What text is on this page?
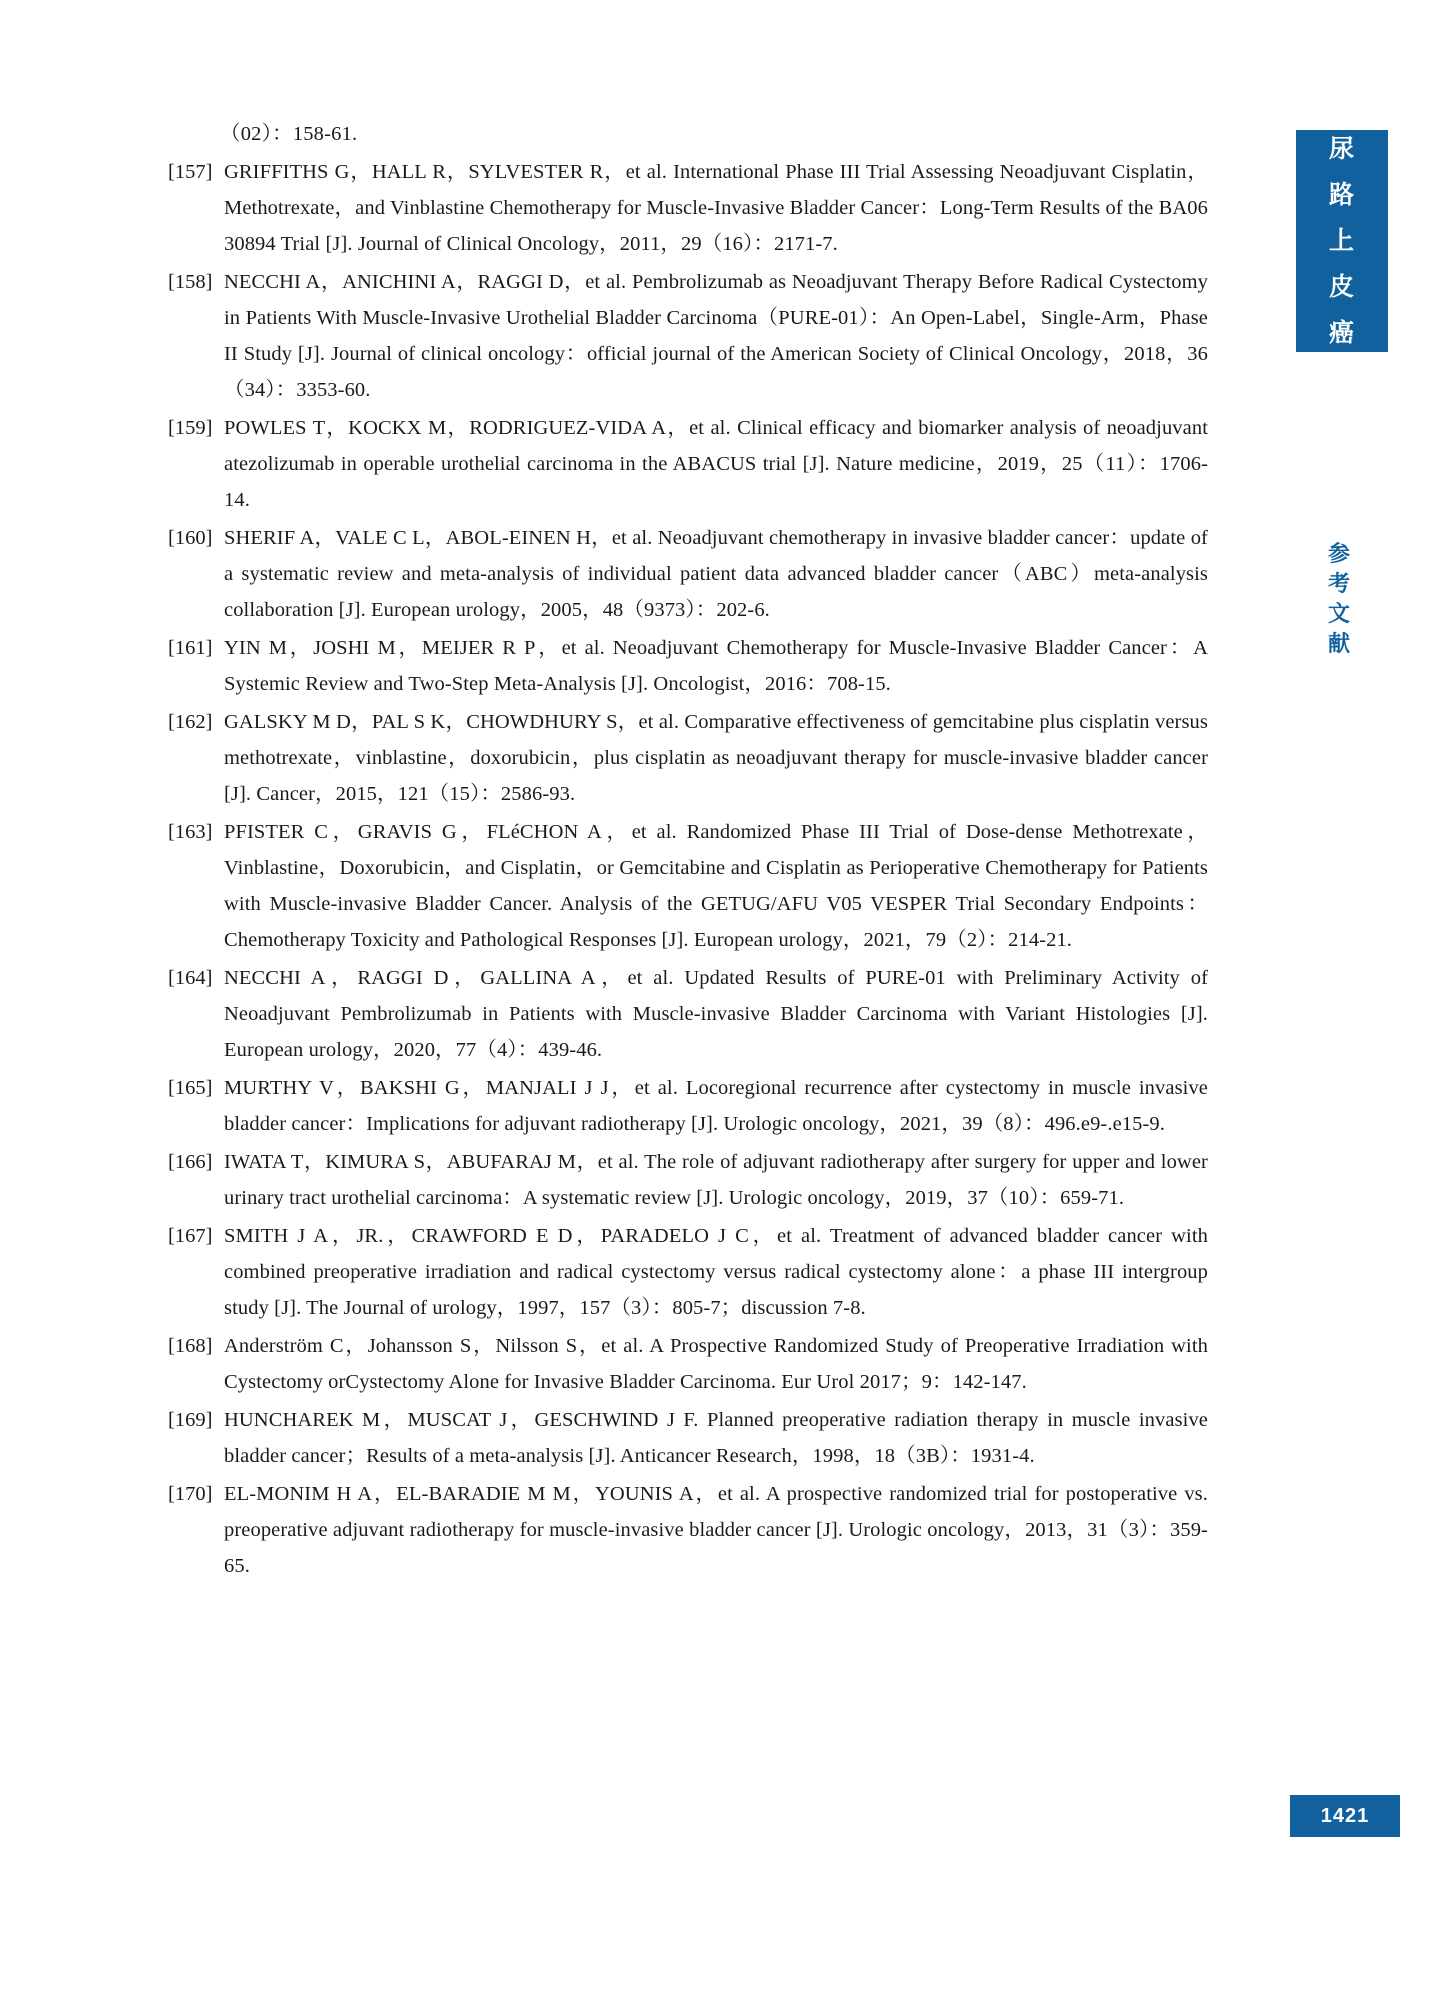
（02）：158-61.

[157] GRIFFITHS G，HALL R，SYLVESTER R，et al. International Phase III Trial Assessing Neoadjuvant Cisplatin，Methotrexate，and Vinblastine Chemotherapy for Muscle-Invasive Bladder Cancer：Long-Term Results of the BA06 30894 Trial [J]. Journal of Clinical Oncology，2011，29（16）：2171-7.
[158] NECCHI A，ANICHINI A，RAGGI D，et al. Pembrolizumab as Neoadjuvant Therapy Before Radical Cystectomy in Patients With Muscle-Invasive Urothelial Bladder Carcinoma（PURE-01）：An Open-Label，Single-Arm，Phase II Study [J]. Journal of clinical oncology：official journal of the American Society of Clinical Oncology，2018，36（34）：3353-60.
[159] POWLES T，KOCKX M，RODRIGUEZ-VIDA A，et al. Clinical efficacy and biomarker analysis of neoadjuvant atezolizumab in operable urothelial carcinoma in the ABACUS trial [J]. Nature medicine，2019，25（11）：1706-14.
[160] SHERIF A，VALE C L，ABOL-EINEN H，et al. Neoadjuvant chemotherapy in invasive bladder cancer：update of a systematic review and meta-analysis of individual patient data advanced bladder cancer（ABC）meta-analysis collaboration [J]. European urology，2005，48（9373）：202-6.
[161] YIN M，JOSHI M，MEIJER R P，et al. Neoadjuvant Chemotherapy for Muscle-Invasive Bladder Cancer：A Systemic Review and Two-Step Meta-Analysis [J]. Oncologist，2016：708-15.
[162] GALSKY M D，PAL S K，CHOWDHURY S，et al. Comparative effectiveness of gemcitabine plus cisplatin versus methotrexate，vinblastine，doxorubicin，plus cisplatin as neoadjuvant therapy for muscle-invasive bladder cancer [J]. Cancer，2015，121（15）：2586-93.
[163] PFISTER C，GRAVIS G，FLéCHON A，et al. Randomized Phase III Trial of Dose-dense Methotrexate，Vinblastine，Doxorubicin，and Cisplatin，or Gemcitabine and Cisplatin as Perioperative Chemotherapy for Patients with Muscle-invasive Bladder Cancer. Analysis of the GETUG/AFU V05 VESPER Trial Secondary Endpoints：Chemotherapy Toxicity and Pathological Responses [J]. European urology，2021，79（2）：214-21.
[164] NECCHI A，RAGGI D，GALLINA A，et al. Updated Results of PURE-01 with Preliminary Activity of Neoadjuvant Pembrolizumab in Patients with Muscle-invasive Bladder Carcinoma with Variant Histologies [J]. European urology，2020，77（4）：439-46.
[165] MURTHY V，BAKSHI G，MANJALI J J，et al. Locoregional recurrence after cystectomy in muscle invasive bladder cancer：Implications for adjuvant radiotherapy [J]. Urologic oncology，2021，39（8）：496.e9-.e15-9.
[166] IWATA T，KIMURA S，ABUFARAJ M，et al. The role of adjuvant radiotherapy after surgery for upper and lower urinary tract urothelial carcinoma：A systematic review [J]. Urologic oncology，2019，37（10）：659-71.
[167] SMITH J A，JR.，CRAWFORD E D，PARADELO J C，et al. Treatment of advanced bladder cancer with combined preoperative irradiation and radical cystectomy versus radical cystectomy alone：a phase III intergroup study [J]. The Journal of urology，1997，157（3）：805-7；discussion 7-8.
[168] Anderström C，Johansson S，Nilsson S，et al. A Prospective Randomized Study of Preoperative Irradiation with Cystectomy orCystectomy Alone for Invasive Bladder Carcinoma. Eur Urol 2017；9：142-147.
[169] HUNCHAREK M，MUSCAT J，GESCHWIND J F. Planned preoperative radiation therapy in muscle invasive bladder cancer；Results of a meta-analysis [J]. Anticancer Research，1998，18（3B）：1931-4.
[170] EL-MONIM H A，EL-BARADIE M M，YOUNIS A，et al. A prospective randomized trial for postoperative vs. preoperative adjuvant radiotherapy for muscle-invasive bladder cancer [J]. Urologic oncology，2013，31（3）：359-65.
尿
路
上
皮
癌
参
考
文
献
1421
